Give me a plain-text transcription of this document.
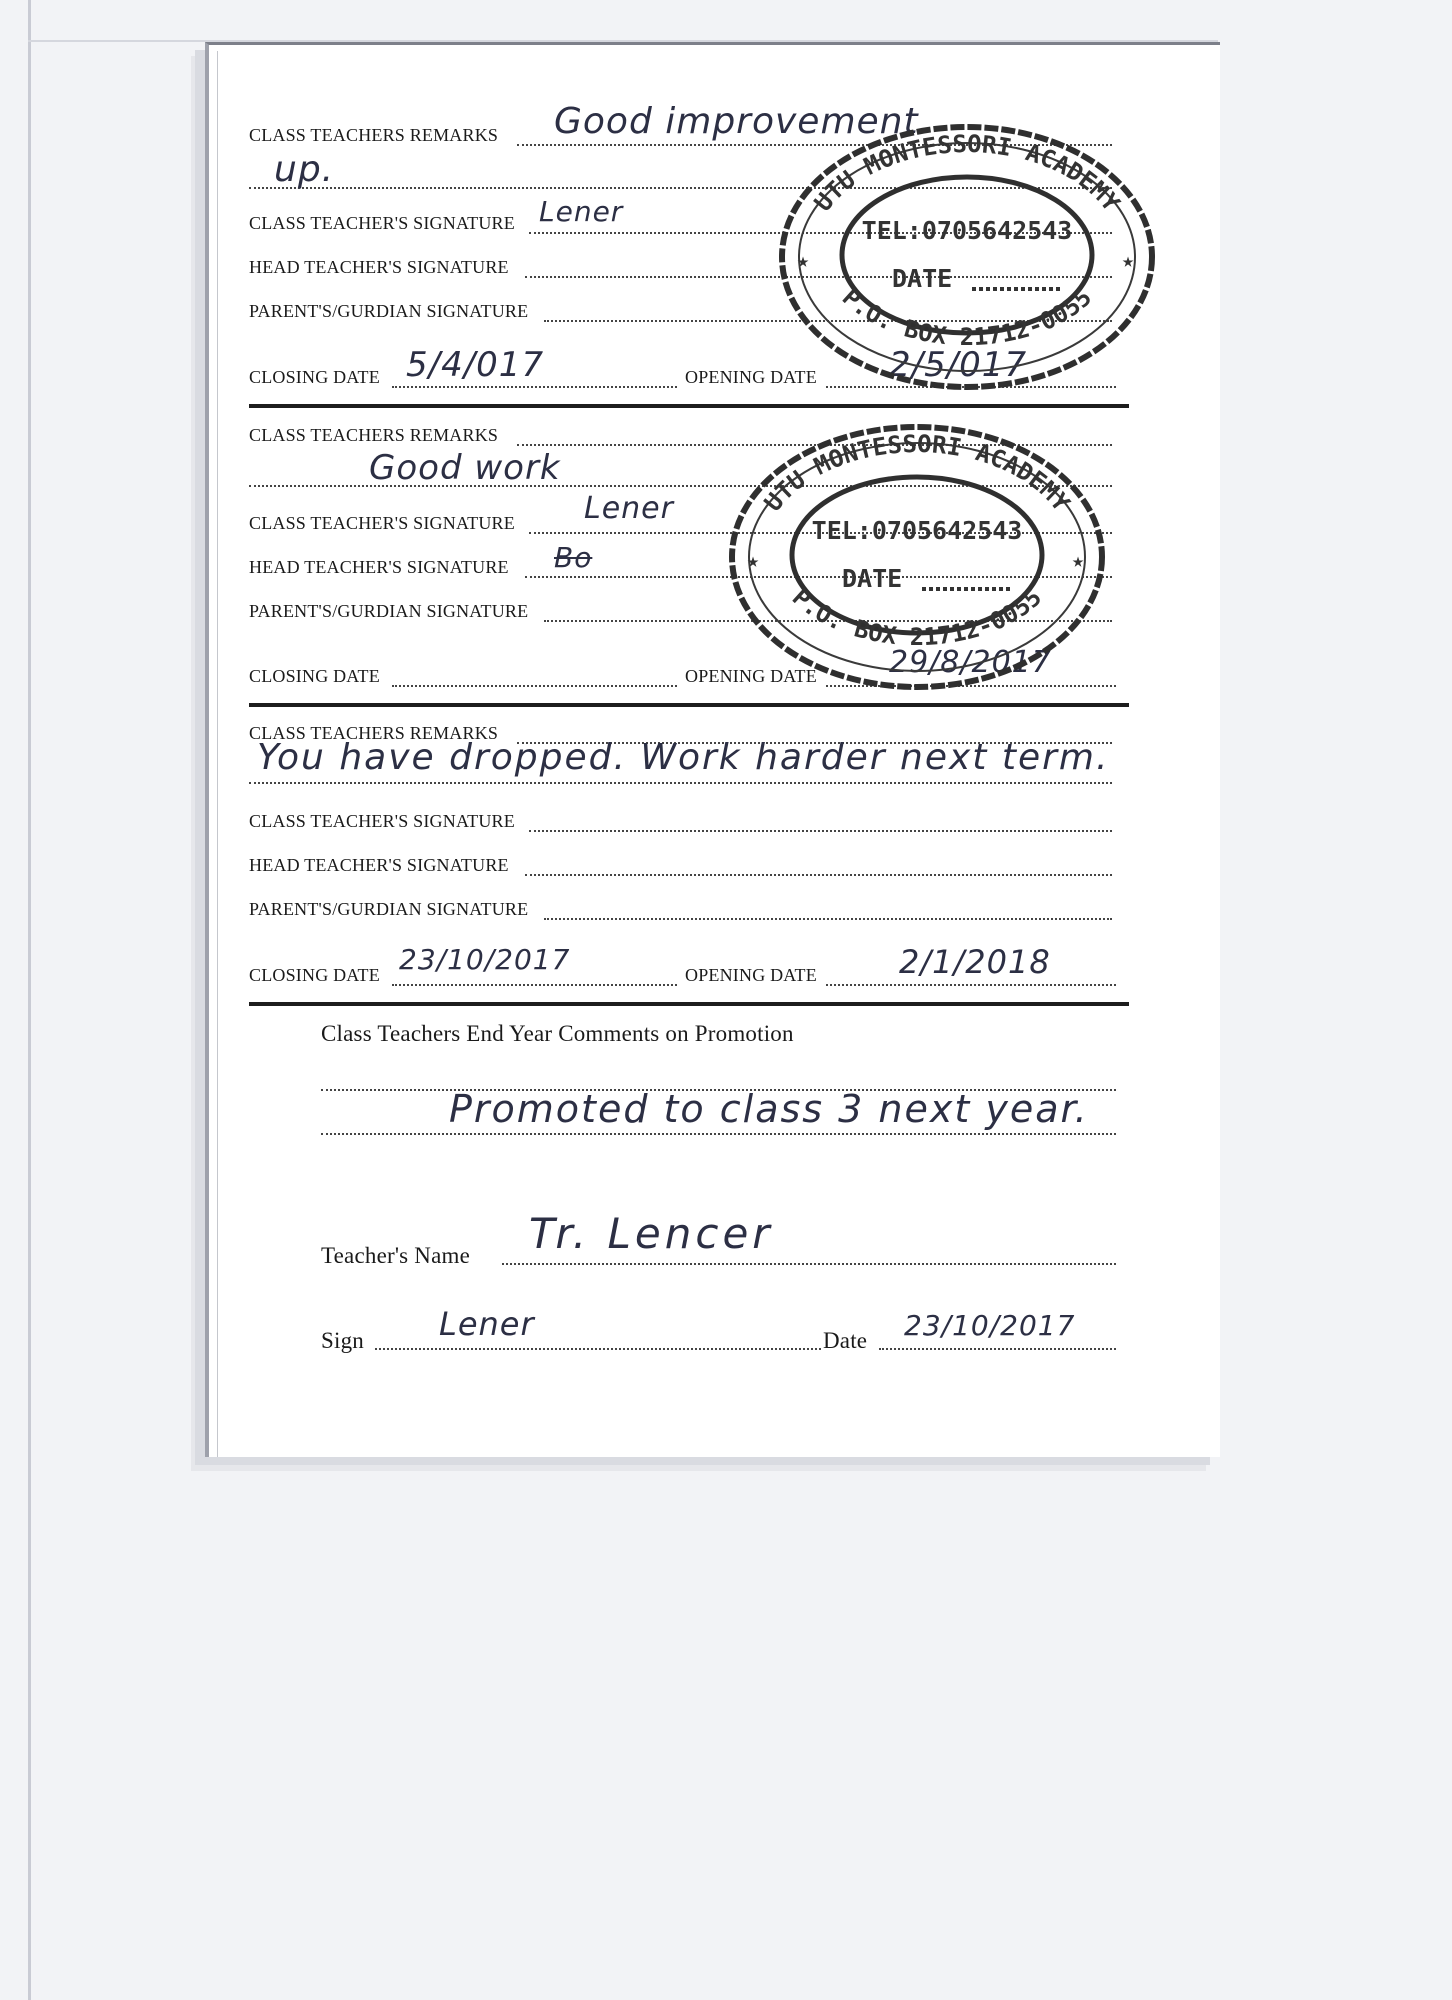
CLASS TEACHERS REMARKS Good improvement
up.
CLASS TEACHER'S SIGNATURE Lener
HEAD TEACHER'S SIGNATURE
PARENT'S/GURDIAN SIGNATURE
CLOSING DATE 5/4/017	OPENING DATE 2/5/017
CLASS TEACHERS REMARKS
Good work
CLASS TEACHER'S SIGNATURE Lener
HEAD TEACHER'S SIGNATURE Bo
PARENT'S/GURDIAN SIGNATURE
CLOSING DATE	OPENING DATE 29/8/2017
CLASS TEACHERS REMARKS
You have dropped. Work harder next term.
CLASS TEACHER'S SIGNATURE
HEAD TEACHER'S SIGNATURE
PARENT'S/GURDIAN SIGNATURE
CLOSING DATE 23/10/2017	OPENING DATE	2/1/2018
Class Teachers End Year Comments on Promotion
Promoted to class 3 next year.
Teacher's Name Tr. Lencer
Sign Lener	Date 23/10/2017
UTU MONTESSORI ACADEMY
P.O. BOX 21712-0055
TEL:0705642543
DATE
★	★
UTU MONTESSORI ACADEMY
P.O. BOX 21712-0055
TEL:0705642543
DATE
★	★
